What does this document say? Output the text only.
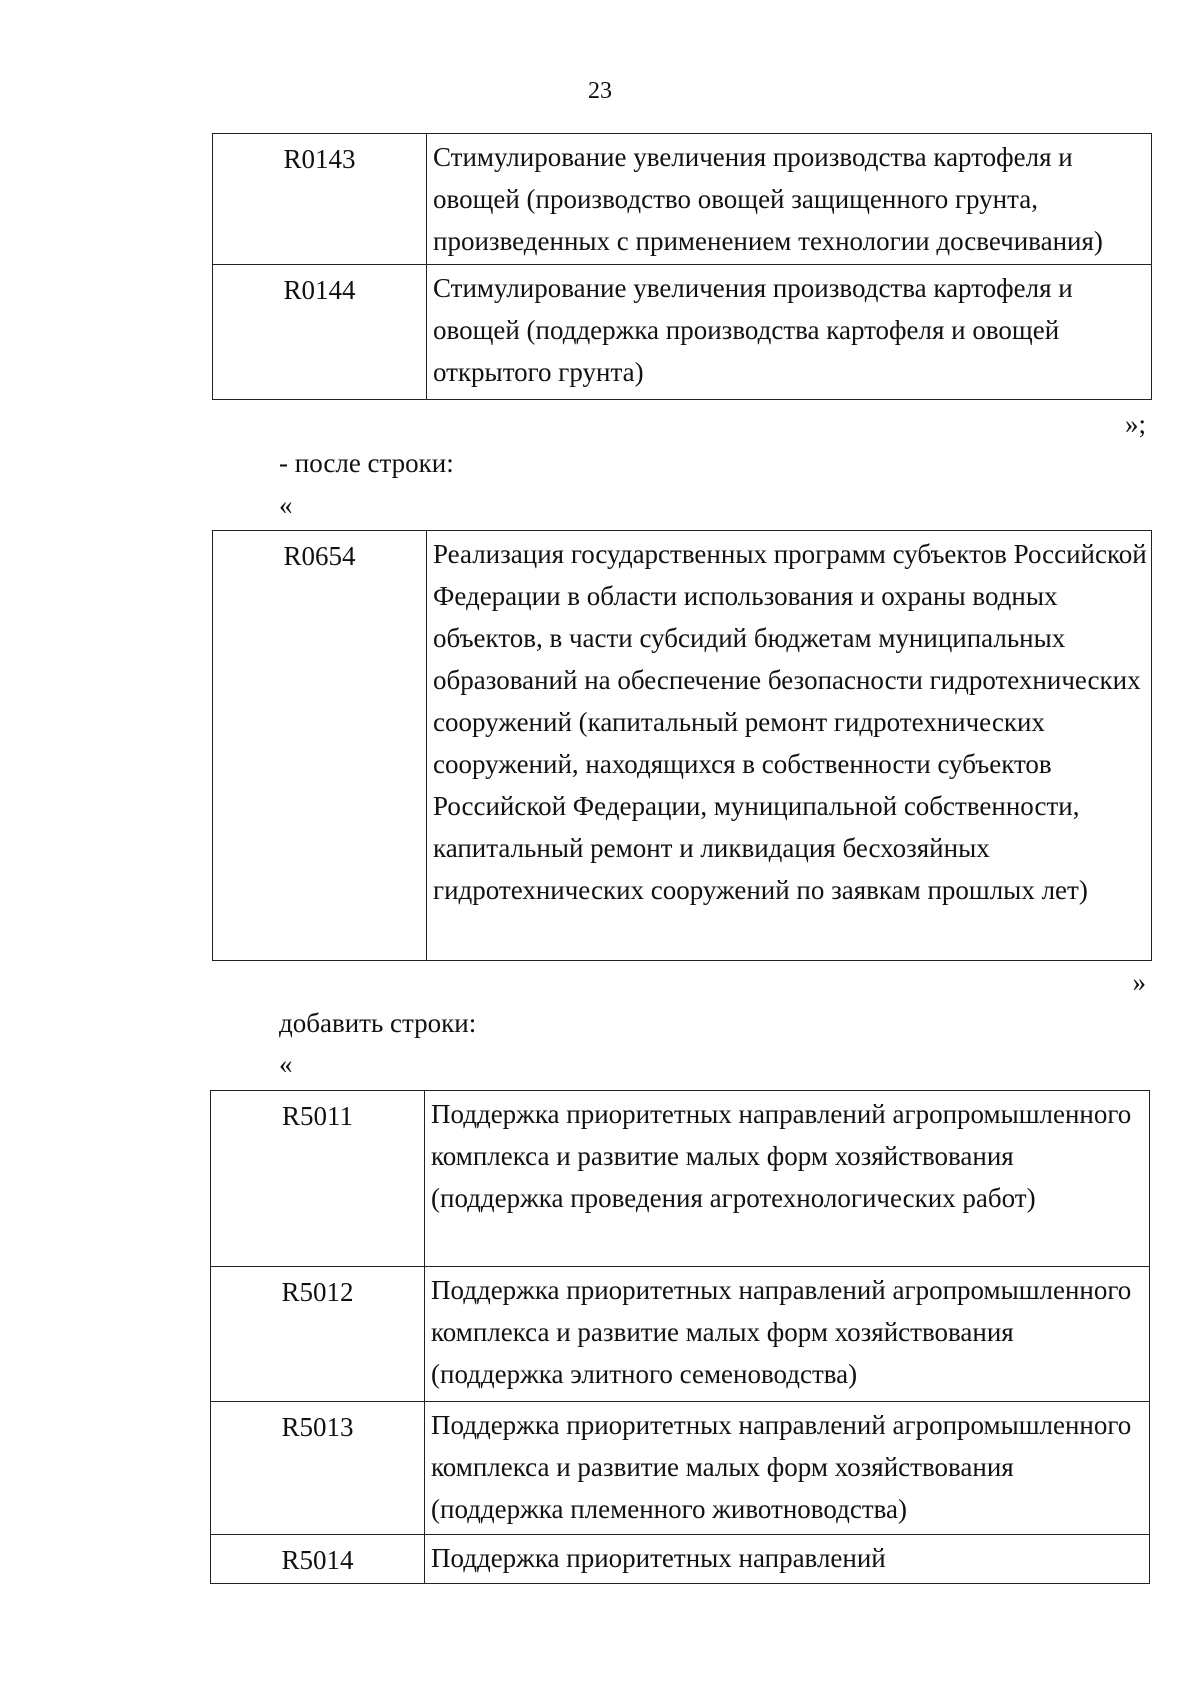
23
R0143	Стимулирование увеличения производства картофеля и овощей (производство овощей защищенного грунта, произведенных с применением технологии досвечивания)
R0144	Стимулирование увеличения производства картофеля и овощей (поддержка производства картофеля и овощей открытого грунта)
»;
- после строки:
«
R0654	Реализация государственных программ субъектов Российской Федерации в области использования и охраны водных объектов, в части субсидий бюджетам муниципальных образований на обеспечение безопасности гидротехнических сооружений (капитальный ремонт гидротехнических сооружений, находящихся в собственности субъектов Российской Федерации, муниципальной собственности, капитальный ремонт и ликвидация бесхозяйных гидротехнических сооружений по заявкам прошлых лет)
»
добавить строки:
«
R5011	Поддержка приоритетных направлений агропромышленного комплекса и развитие малых форм хозяйствования (поддержка проведения агротехнологических работ)
R5012	Поддержка приоритетных направлений агропромышленного комплекса и развитие малых форм хозяйствования (поддержка элитного семеноводства)
R5013	Поддержка приоритетных направлений агропромышленного комплекса и развитие малых форм хозяйствования (поддержка племенного животноводства)
R5014	Поддержка приоритетных направлений
